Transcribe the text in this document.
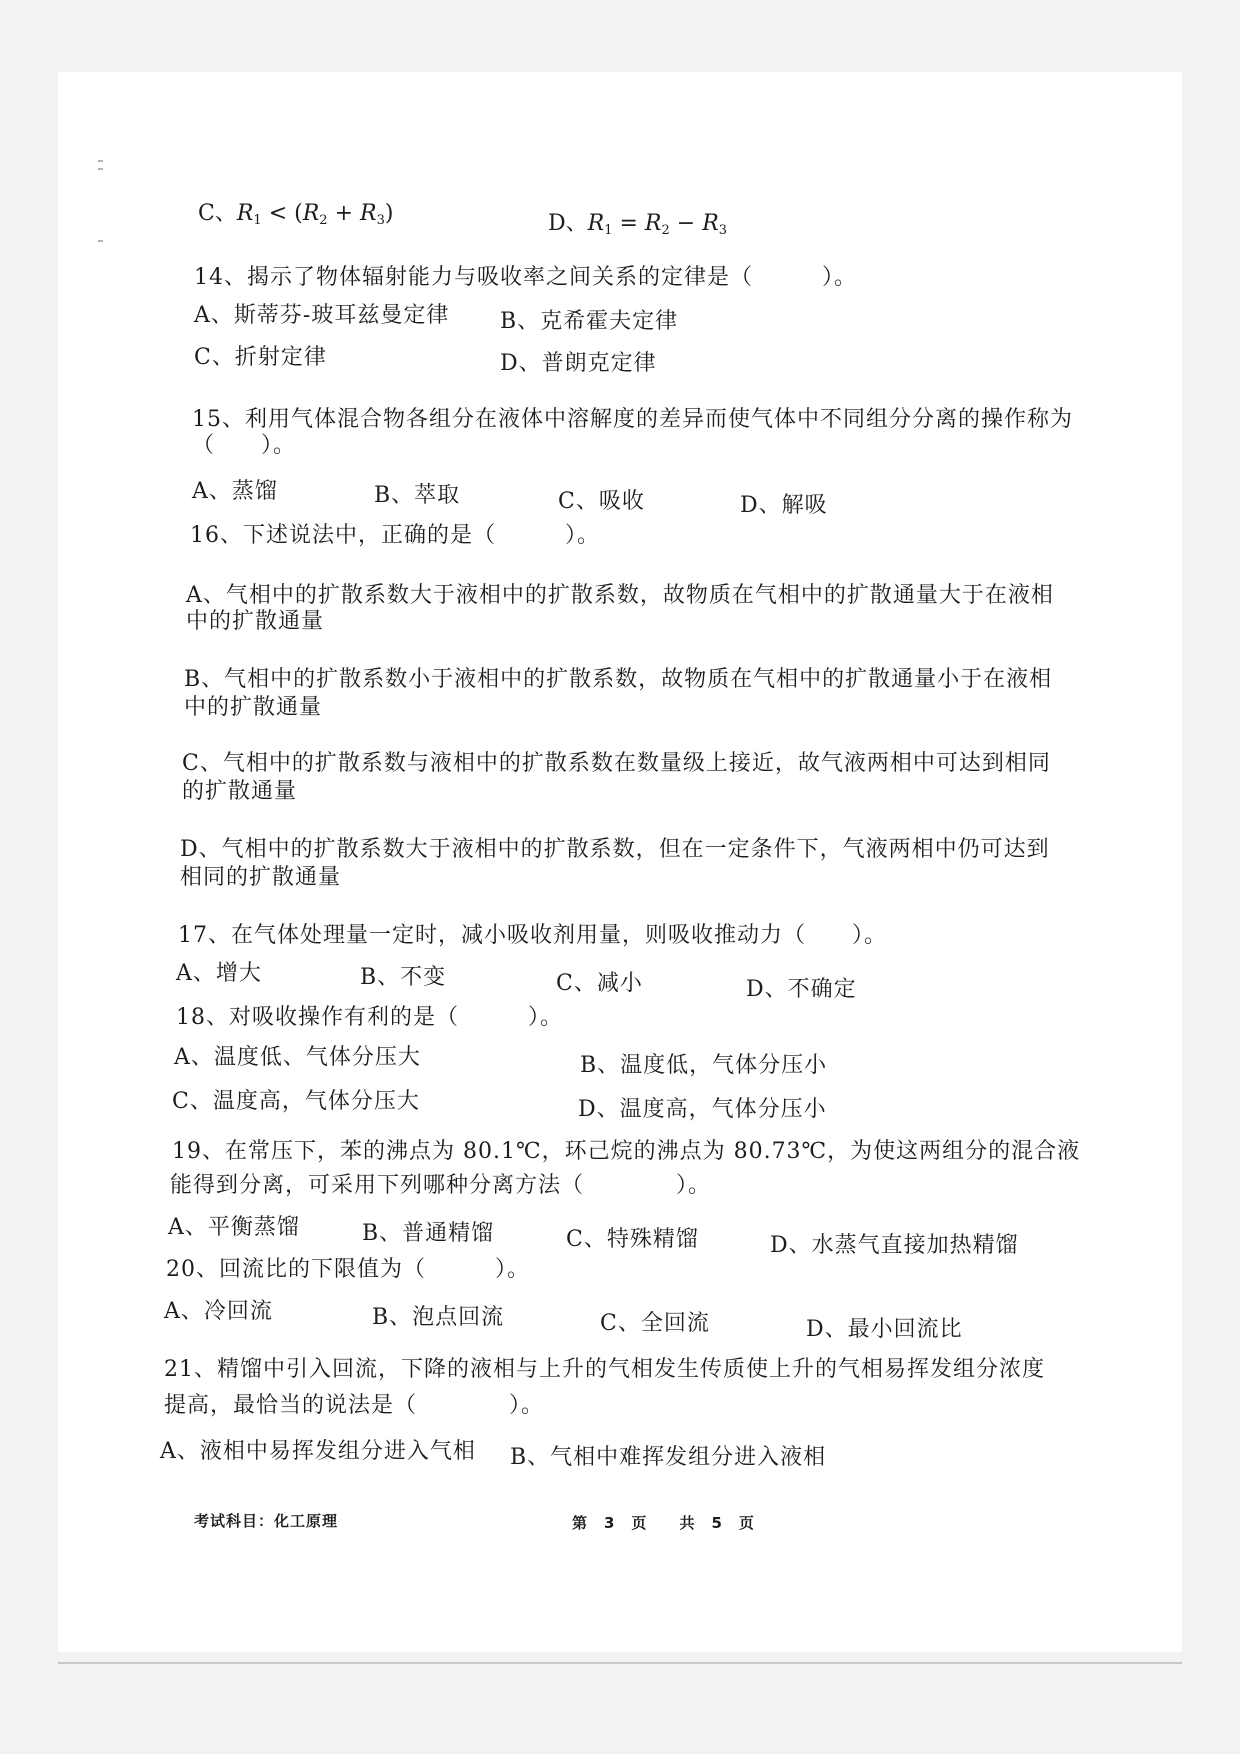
C、$R_1 < (R_2 + R_3)$	D、$R_1 = R_2 - R_3$
14、揭示了物体辐射能力与吸收率之间关系的定律是（　　　）。
A、斯蒂芬-玻耳兹曼定律 B、克希霍夫定律
C、折射定律	D、普朗克定律
15、利用气体混合物各组分在液体中溶解度的差异而使气体中不同组分分离的操作称为
（　　）。
A、蒸馏	B、萃取	C、吸收	D、解吸
16、下述说法中，正确的是（　　　）。
A、气相中的扩散系数大于液相中的扩散系数，故物质在气相中的扩散通量大于在液相
中的扩散通量
B、气相中的扩散系数小于液相中的扩散系数，故物质在气相中的扩散通量小于在液相
中的扩散通量
C、气相中的扩散系数与液相中的扩散系数在数量级上接近，故气液两相中可达到相同
的扩散通量
D、气相中的扩散系数大于液相中的扩散系数，但在一定条件下，气液两相中仍可达到
相同的扩散通量
17、在气体处理量一定时，减小吸收剂用量，则吸收推动力（　　）。
A、增大	B、不变	C、减小	D、不确定
18、对吸收操作有利的是（　　　）。
A、温度低、气体分压大	B、温度低，气体分压小
C、温度高，气体分压大	D、温度高，气体分压小
19、在常压下，苯的沸点为 80.1℃，环己烷的沸点为 80.73℃，为使这两组分的混合液
能得到分离，可采用下列哪种分离方法（　　　　）。
A、平衡蒸馏	B、普通精馏	C、特殊精馏	D、水蒸气直接加热精馏
20、回流比的下限值为（　　　）。
A、冷回流	B、泡点回流	C、全回流	D、最小回流比
21、精馏中引入回流，下降的液相与上升的气相发生传质使上升的气相易挥发组分浓度
提高，最恰当的说法是（　　　　）。
A、液相中易挥发组分进入气相 B、气相中难挥发组分进入液相
考试科目：化工原理	第　3　页　　共　5　页
